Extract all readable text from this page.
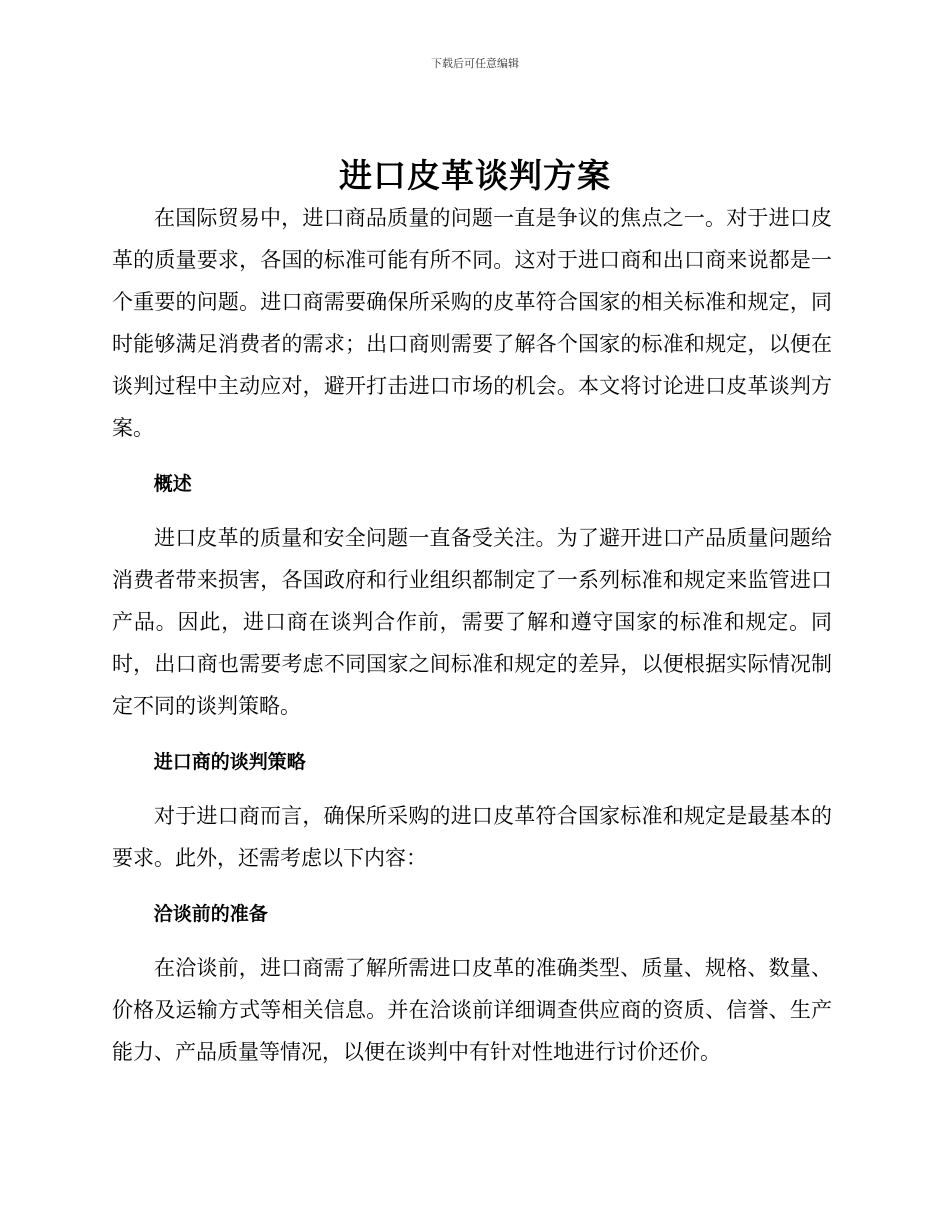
下载后可任意编辑
进口皮革谈判方案

在国际贸易中，进口商品质量的问题一直是争议的焦点之一。对于进口皮革的质量要求，各国的标准可能有所不同。这对于进口商和出口商来说都是一个重要的问题。进口商需要确保所采购的皮革符合国家的相关标准和规定，同时能够满足消费者的需求；出口商则需要了解各个国家的标准和规定，以便在谈判过程中主动应对，避开打击进口市场的机会。本文将讨论进口皮革谈判方案。

概述

进口皮革的质量和安全问题一直备受关注。为了避开进口产品质量问题给消费者带来损害，各国政府和行业组织都制定了一系列标准和规定来监管进口产品。因此，进口商在谈判合作前，需要了解和遵守国家的标准和规定。同时，出口商也需要考虑不同国家之间标准和规定的差异，以便根据实际情况制定不同的谈判策略。

进口商的谈判策略

对于进口商而言，确保所采购的进口皮革符合国家标准和规定是最基本的要求。此外，还需考虑以下内容：

洽谈前的准备

在洽谈前，进口商需了解所需进口皮革的准确类型、质量、规格、数量、价格及运输方式等相关信息。并在洽谈前详细调查供应商的资质、信誉、生产能力、产品质量等情况，以便在谈判中有针对性地进行讨价还价。
